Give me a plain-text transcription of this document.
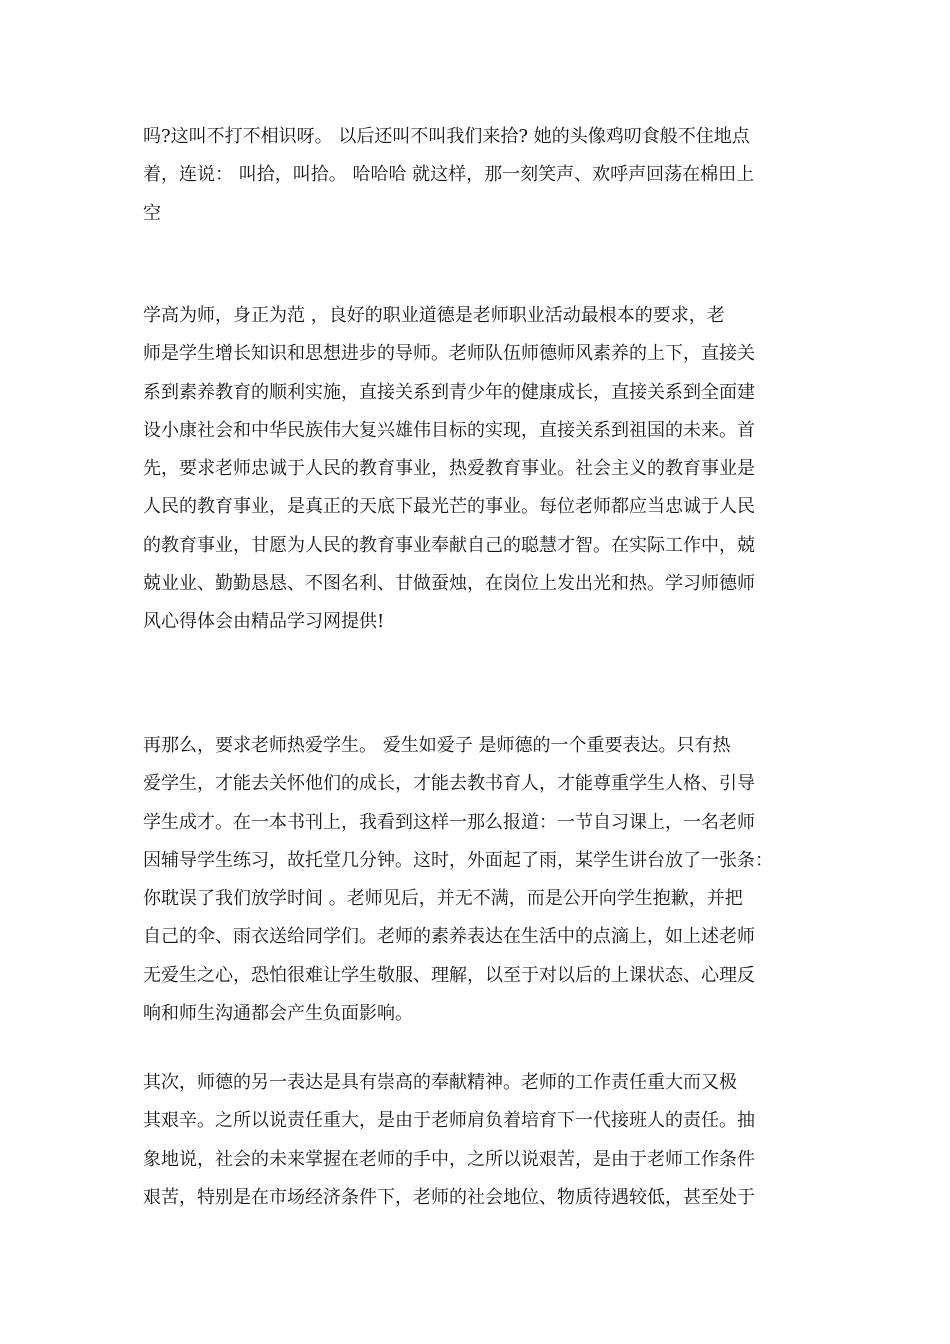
吗?这叫不打不相识呀。 以后还叫不叫我们来拾? 她的头像鸡叨食般不住地点
着，连说： 叫拾，叫拾。 哈哈哈 就这样，那一刻笑声、欢呼声回荡在棉田上
空
学高为师，身正为范 ，良好的职业道德是老师职业活动最根本的要求，老
师是学生增长知识和思想进步的导师。老师队伍师德师风素养的上下，直接关
系到素养教育的顺利实施，直接关系到青少年的健康成长，直接关系到全面建
设小康社会和中华民族伟大复兴雄伟目标的实现，直接关系到祖国的未来。首
先，要求老师忠诚于人民的教育事业，热爱教育事业。社会主义的教育事业是
人民的教育事业，是真正的天底下最光芒的事业。每位老师都应当忠诚于人民
的教育事业，甘愿为人民的教育事业奉献自己的聪慧才智。在实际工作中，兢
兢业业、勤勤恳恳、不图名利、甘做蚕烛，在岗位上发出光和热。学习师德师
风心得体会由精品学习网提供!
再那么，要求老师热爱学生。 爱生如爱子 是师德的一个重要表达。只有热
爱学生，才能去关怀他们的成长，才能去教书育人，才能尊重学生人格、引导
学生成才。在一本书刊上，我看到这样一那么报道：一节自习课上，一名老师
因辅导学生练习，故托堂几分钟。这时，外面起了雨，某学生讲台放了一张条：
你耽误了我们放学时间 。老师见后，并无不满，而是公开向学生抱歉，并把
自己的伞、雨衣送给同学们。老师的素养表达在生活中的点滴上，如上述老师
无爱生之心，恐怕很难让学生敬服、理解，以至于对以后的上课状态、心理反
响和师生沟通都会产生负面影响。
其次，师德的另一表达是具有崇高的奉献精神。老师的工作责任重大而又极
其艰辛。之所以说责任重大，是由于老师肩负着培育下一代接班人的责任。抽
象地说，社会的未来掌握在老师的手中，之所以说艰苦，是由于老师工作条件
艰苦，特别是在市场经济条件下，老师的社会地位、物质待遇较低，甚至处于
